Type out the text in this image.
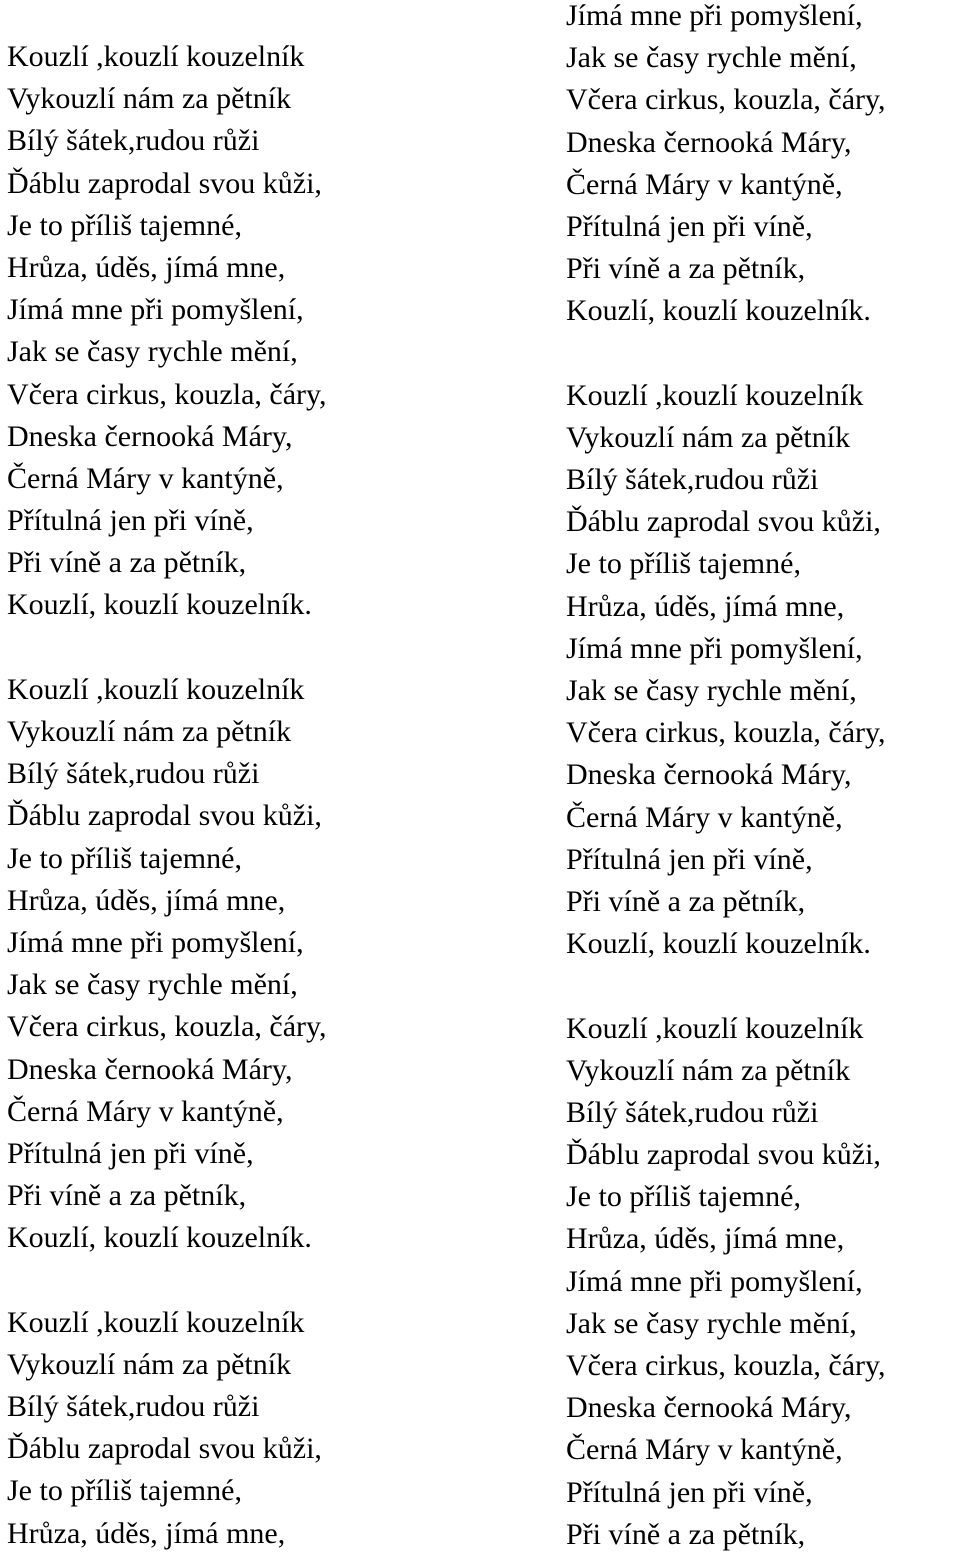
Kouzlí ,kouzlí kouzelník
Vykouzlí nám za pětník
Bílý šátek,rudou růži
Ďáblu zaprodal svou kůži,
Je to příliš tajemné,
Hrůza, úděs, jímá mne,
Jímá mne při pomyšlení,
Jak se časy rychle mění,
Včera cirkus, kouzla, čáry,
Dneska černooká Máry,
Černá Máry v kantýně,
Přítulná jen při víně,
Při víně a za pětník,
Kouzlí, kouzlí kouzelník.
Kouzlí ,kouzlí kouzelník
Vykouzlí nám za pětník
Bílý šátek,rudou růži
Ďáblu zaprodal svou kůži,
Je to příliš tajemné,
Hrůza, úděs, jímá mne,
Jímá mne při pomyšlení,
Jak se časy rychle mění,
Včera cirkus, kouzla, čáry,
Dneska černooká Máry,
Černá Máry v kantýně,
Přítulná jen při víně,
Při víně a za pětník,
Kouzlí, kouzlí kouzelník.
Kouzlí ,kouzlí kouzelník
Vykouzlí nám za pětník
Bílý šátek,rudou růži
Ďáblu zaprodal svou kůži,
Je to příliš tajemné,
Hrůza, úděs, jímá mne,
Jímá mne při pomyšlení,
Jak se časy rychle mění,
Včera cirkus, kouzla, čáry,
Dneska černooká Máry,
Černá Máry v kantýně,
Přítulná jen při víně,
Při víně a za pětník,
Kouzlí, kouzlí kouzelník.
Kouzlí ,kouzlí kouzelník
Vykouzlí nám za pětník
Bílý šátek,rudou růži
Ďáblu zaprodal svou kůži,
Je to příliš tajemné,
Hrůza, úděs, jímá mne,
Jímá mne při pomyšlení,
Jak se časy rychle mění,
Včera cirkus, kouzla, čáry,
Dneska černooká Máry,
Černá Máry v kantýně,
Přítulná jen při víně,
Při víně a za pětník,
Kouzlí, kouzlí kouzelník.
Kouzlí ,kouzlí kouzelník
Vykouzlí nám za pětník
Bílý šátek,rudou růži
Ďáblu zaprodal svou kůži,
Je to příliš tajemné,
Hrůza, úděs, jímá mne,
Jímá mne při pomyšlení,
Jak se časy rychle mění,
Včera cirkus, kouzla, čáry,
Dneska černooká Máry,
Černá Máry v kantýně,
Přítulná jen při víně,
Při víně a za pětník,
